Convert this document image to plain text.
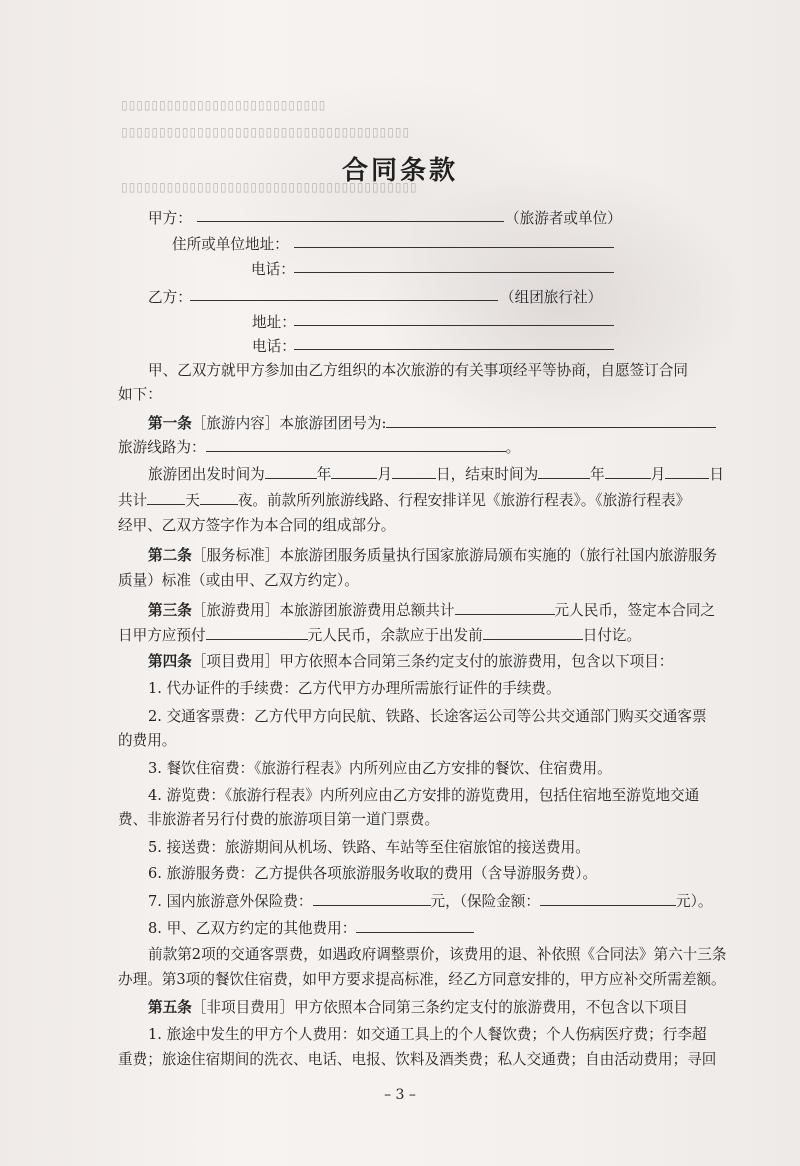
▯▯▯▯▯▯▯▯▯▯▯▯▯▯▯▯▯▯▯▯▯▯▯▯▯▯▯
▯▯▯▯▯▯▯▯▯▯▯▯▯▯▯▯▯▯▯▯▯▯▯▯▯▯▯▯▯▯▯▯▯▯▯▯▯▯
▯▯▯▯▯▯▯▯▯▯▯▯▯▯▯▯▯▯▯▯▯▯▯▯▯▯▯▯▯▯▯▯▯▯▯▯▯▯▯
合同条款
甲方：	（旅游者或单位）
住所或单位地址：
电话：
乙方：	（组团旅行社）
地址：
电话：
甲、乙双方就甲方参加由乙方组织的本次旅游的有关事项经平等协商，自愿签订合同
如下：
第一条［旅游内容］本旅游团团号为:
旅游线路为：	。
旅游团出发时间为	年	月	日，结束时间为	年	月	日
共计	天	夜。前款所列旅游线路、行程安排详见《旅游行程表》。《旅游行程表》
经甲、乙双方签字作为本合同的组成部分。
第二条［服务标准］本旅游团服务质量执行国家旅游局颁布实施的（旅行社国内旅游服务
质量）标准（或由甲、乙双方约定）。
第三条［旅游费用］本旅游团旅游费用总额共计	元人民币，签定本合同之
日甲方应预付	元人民币，余款应于出发前	日付讫。
第四条［项目费用］甲方依照本合同第三条约定支付的旅游费用，包含以下项目：
1. 代办证件的手续费：乙方代甲方办理所需旅行证件的手续费。
2. 交通客票费：乙方代甲方向民航、铁路、长途客运公司等公共交通部门购买交通客票
的费用。
3. 餐饮住宿费：《旅游行程表》内所列应由乙方安排的餐饮、住宿费用。
4. 游览费：《旅游行程表》内所列应由乙方安排的游览费用，包括住宿地至游览地交通
费、非旅游者另行付费的旅游项目第一道门票费。
5. 接送费：旅游期间从机场、铁路、车站等至住宿旅馆的接送费用。
6. 旅游服务费：乙方提供各项旅游服务收取的费用（含导游服务费）。
7. 国内旅游意外保险费：	元，（保险金额：	元）。
8. 甲、乙双方约定的其他费用：
前款第2项的交通客票费，如遇政府调整票价，该费用的退、补依照《合同法》第六十三条
办理。第3项的餐饮住宿费，如甲方要求提高标准，经乙方同意安排的，甲方应补交所需差额。
第五条［非项目费用］甲方依照本合同第三条约定支付的旅游费用，不包含以下项目
1. 旅途中发生的甲方个人费用：如交通工具上的个人餐饮费；个人伤病医疗费；行李超
重费；旅途住宿期间的洗衣、电话、电报、饮料及酒类费；私人交通费；自由活动费用；寻回
– 3 –
